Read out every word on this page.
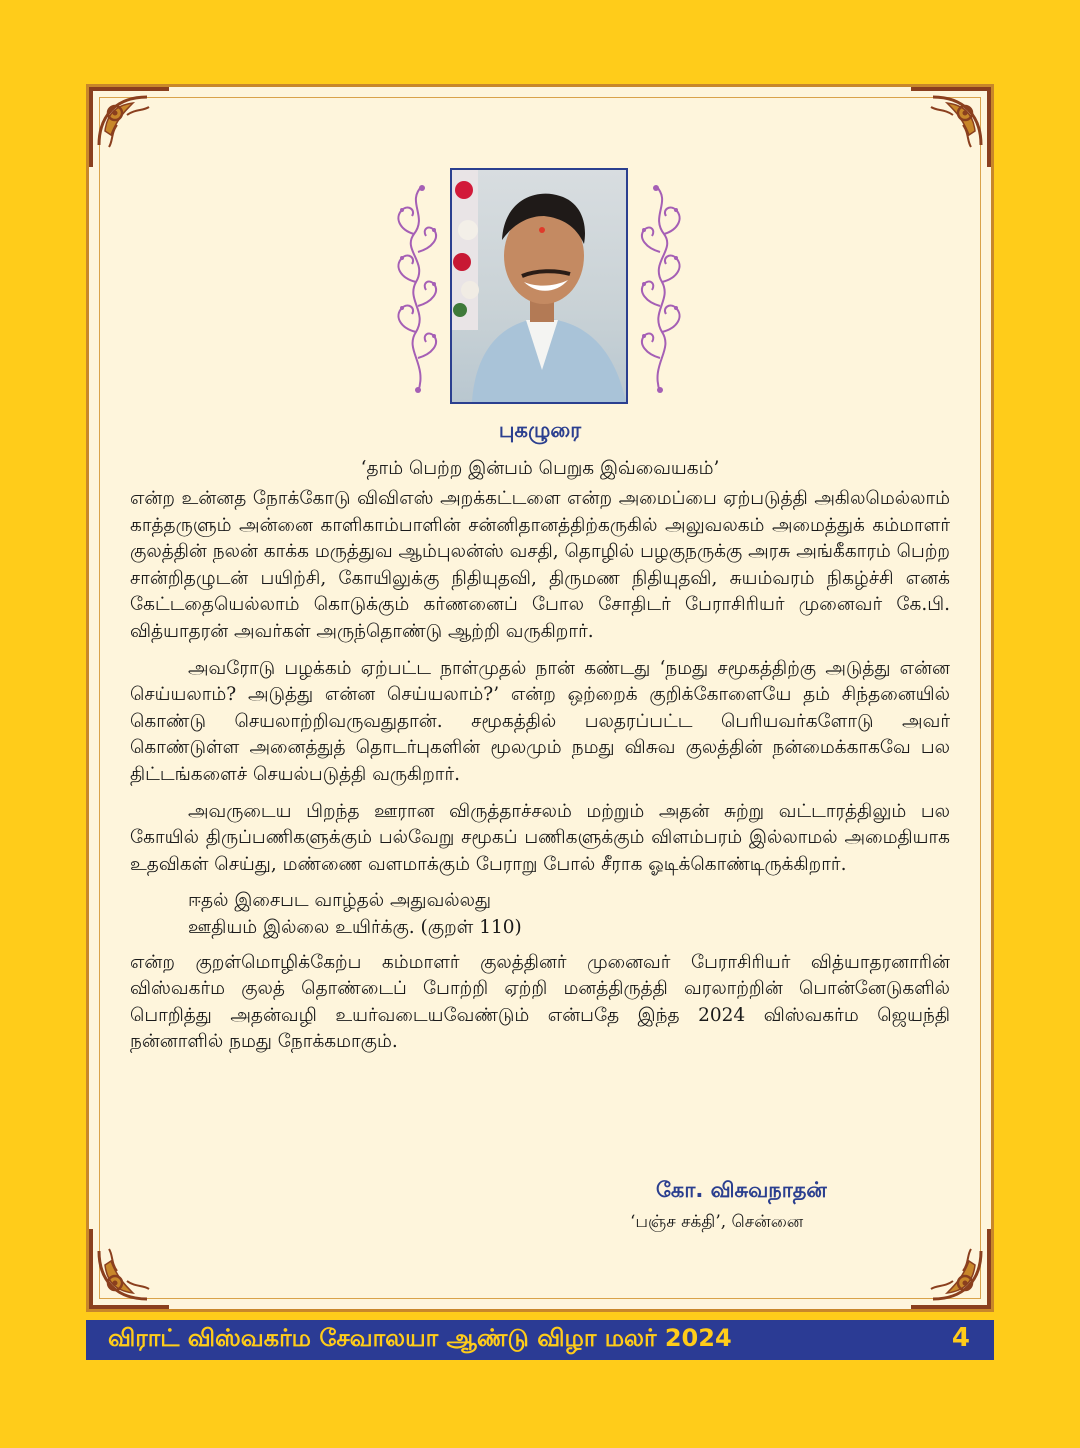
புகழுரை
‘தாம் பெற்ற இன்பம் பெறுக இவ்வையகம்’

என்ற உன்னத நோக்கோடு விவிஎஸ் அறக்கட்டளை என்ற அமைப்பை ஏற்படுத்தி அகிலமெல்லாம் காத்தருளும் அன்னை காளிகாம்பாளின் சன்னிதானத்திற்கருகில் அலுவலகம் அமைத்துக் கம்மாளர் குலத்தின் நலன் காக்க மருத்துவ ஆம்புலன்ஸ் வசதி, தொழில் பழகுநருக்கு அரசு அங்கீகாரம் பெற்ற சான்றிதழுடன் பயிற்சி, கோயிலுக்கு நிதியுதவி, திருமண நிதியுதவி, சுயம்வரம் நிகழ்ச்சி எனக் கேட்டதையெல்லாம் கொடுக்கும் கர்ணனைப் போல சோதிடர் பேராசிரியர் முனைவர் கே.பி. வித்யாதரன் அவர்கள் அருந்தொண்டு ஆற்றி வருகிறார்.

அவரோடு பழக்கம் ஏற்பட்ட நாள்முதல் நான் கண்டது ‘நமது சமூகத்திற்கு அடுத்து என்ன செய்யலாம்? அடுத்து என்ன செய்யலாம்?’ என்ற ஒற்றைக் குறிக்கோளையே தம் சிந்தனையில் கொண்டு செயலாற்றிவருவதுதான். சமூகத்தில் பலதரப்பட்ட பெரியவர்களோடு அவர் கொண்டுள்ள அனைத்துத் தொடர்புகளின் மூலமும் நமது விசுவ குலத்தின் நன்மைக்காகவே பல திட்டங்களைச் செயல்படுத்தி வருகிறார்.

அவருடைய பிறந்த ஊரான விருத்தாச்சலம் மற்றும் அதன் சுற்று வட்டாரத்திலும் பல கோயில் திருப்பணிகளுக்கும் பல்வேறு சமூகப் பணிகளுக்கும் விளம்பரம் இல்லாமல் அமைதியாக உதவிகள் செய்து, மண்ணை வளமாக்கும் பேராறு போல் சீராக ஓடிக்கொண்டிருக்கிறார்.

ஈதல் இசைபட வாழ்தல் அதுவல்லது
ஊதியம் இல்லை உயிர்க்கு. (குறள் 110)

என்ற குறள்மொழிக்கேற்ப கம்மாளர் குலத்தினர் முனைவர் பேராசிரியர் வித்யாதரனாரின் விஸ்வகர்ம குலத் தொண்டைப் போற்றி ஏற்றி மனத்திருத்தி வரலாற்றின் பொன்னேடுகளில் பொறித்து அதன்வழி உயர்வடையவேண்டும் என்பதே இந்த 2024 விஸ்வகர்ம ஜெயந்தி நன்னாளில் நமது நோக்கமாகும்.

கோ. விசுவநாதன்
‘பஞ்ச சக்தி’, சென்னை
விராட் விஸ்வகர்ம சேவாலயா ஆண்டு விழா மலர் 2024	4
